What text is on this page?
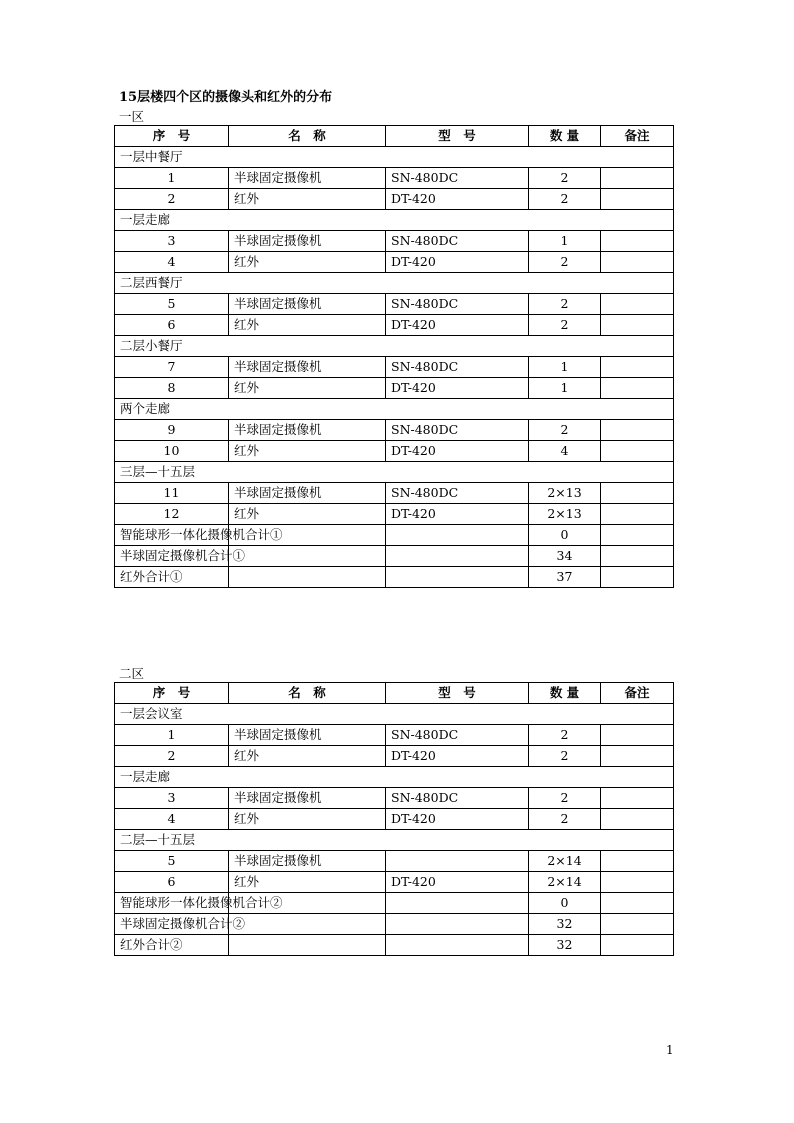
15层楼四个区的摄像头和红外的分布
一区
序　号	名　称	型　号	数 量	备注
一层中餐厅				
1	半球固定摄像机	SN-480DC	2	
2	红外	DT-420	2	
一层走廊				
3	半球固定摄像机	SN-480DC	1	
4	红外	DT-420	2	
二层西餐厅				
5	半球固定摄像机	SN-480DC	2	
6	红外	DT-420	2	
二层小餐厅				
7	半球固定摄像机	SN-480DC	1	
8	红外	DT-420	1	
两个走廊				
9	半球固定摄像机	SN-480DC	2	
10	红外	DT-420	4	
三层—十五层				
11	半球固定摄像机	SN-480DC	2×13	
12	红外	DT-420	2×13	
智能球形一体化摄像机合计①			0	
半球固定摄像机合计①			34	
红外合计①			37	
二区
序　号	名　称	型　号	数 量	备注
一层会议室				
1	半球固定摄像机	SN-480DC	2	
2	红外	DT-420	2	
一层走廊				
3	半球固定摄像机	SN-480DC	2	
4	红外	DT-420	2	
二层—十五层				
5	半球固定摄像机		2×14	
6	红外	DT-420	2×14	
智能球形一体化摄像机合计②			0	
半球固定摄像机合计②			32	
红外合计②			32	
1
